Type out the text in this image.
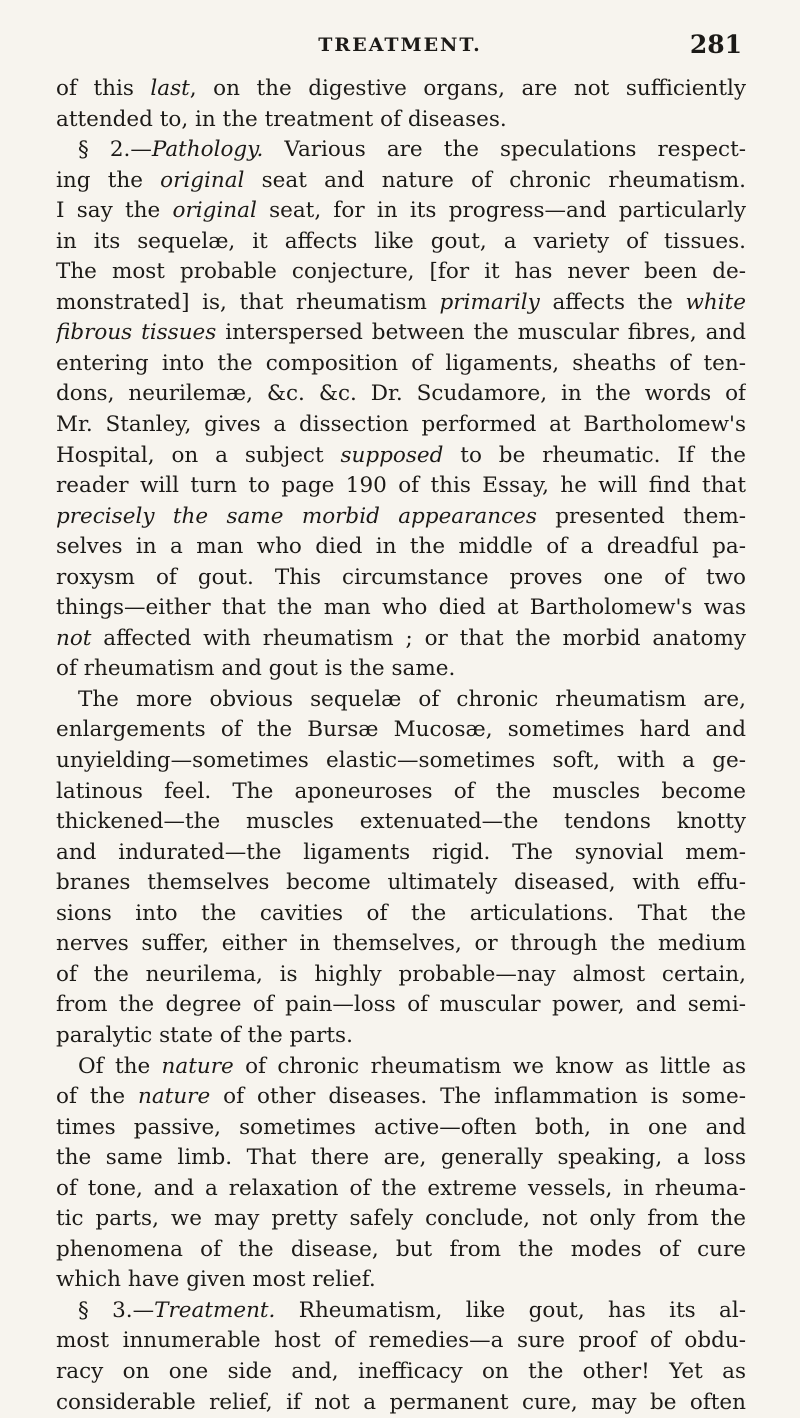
TREATMENT.	281
of this last, on the digestive organs, are not sufficiently
attended to, in the treatment of diseases.
§ 2.—Pathology. Various are the speculations respect-
ing the original seat and nature of chronic rheumatism.
I say the original seat, for in its progress—and particularly
in its sequelæ, it affects like gout, a variety of tissues.
The most probable conjecture, [for it has never been de-
monstrated] is, that rheumatism primarily affects the white
fibrous tissues interspersed between the muscular fibres, and
entering into the composition of ligaments, sheaths of ten-
dons, neurilemæ, &c. &c. Dr. Scudamore, in the words of
Mr. Stanley, gives a dissection performed at Bartholomew's
Hospital, on a subject supposed to be rheumatic. If the
reader will turn to page 190 of this Essay, he will find that
precisely the same morbid appearances presented them-
selves in a man who died in the middle of a dreadful pa-
roxysm of gout. This circumstance proves one of two
things—either that the man who died at Bartholomew's was
not affected with rheumatism ; or that the morbid anatomy
of rheumatism and gout is the same.
The more obvious sequelæ of chronic rheumatism are,
enlargements of the Bursæ Mucosæ, sometimes hard and
unyielding—sometimes elastic—sometimes soft, with a ge-
latinous feel. The aponeuroses of the muscles become
thickened—the muscles extenuated—the tendons knotty
and indurated—the ligaments rigid. The synovial mem-
branes themselves become ultimately diseased, with effu-
sions into the cavities of the articulations. That the
nerves suffer, either in themselves, or through the medium
of the neurilema, is highly probable—nay almost certain,
from the degree of pain—loss of muscular power, and semi-
paralytic state of the parts.
Of the nature of chronic rheumatism we know as little as
of the nature of other diseases. The inflammation is some-
times passive, sometimes active—often both, in one and
the same limb. That there are, generally speaking, a loss
of tone, and a relaxation of the extreme vessels, in rheuma-
tic parts, we may pretty safely conclude, not only from the
phenomena of the disease, but from the modes of cure
which have given most relief.
§ 3.—Treatment. Rheumatism, like gout, has its al-
most innumerable host of remedies—a sure proof of obdu-
racy on one side and, inefficacy on the other! Yet as
considerable relief, if not a permanent cure, may be often
